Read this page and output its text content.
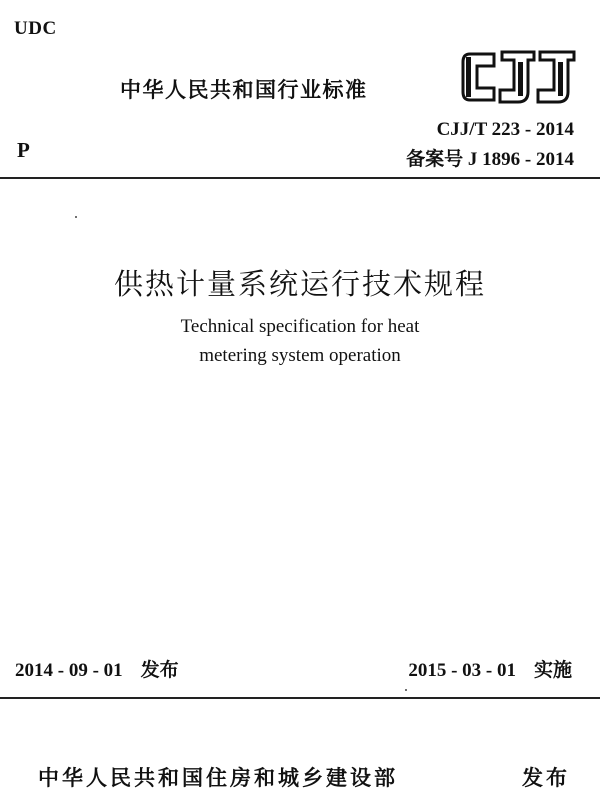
UDC
中华人民共和国行业标准
P
CJJ/T 223 - 2014
备案号 J 1896 - 2014
供热计量系统运行技术规程
Technical specification for heat
metering system operation
2014 - 09 - 01 发布	2015 - 03 - 01 实施
中华人民共和国住房和城乡建设部	发布
